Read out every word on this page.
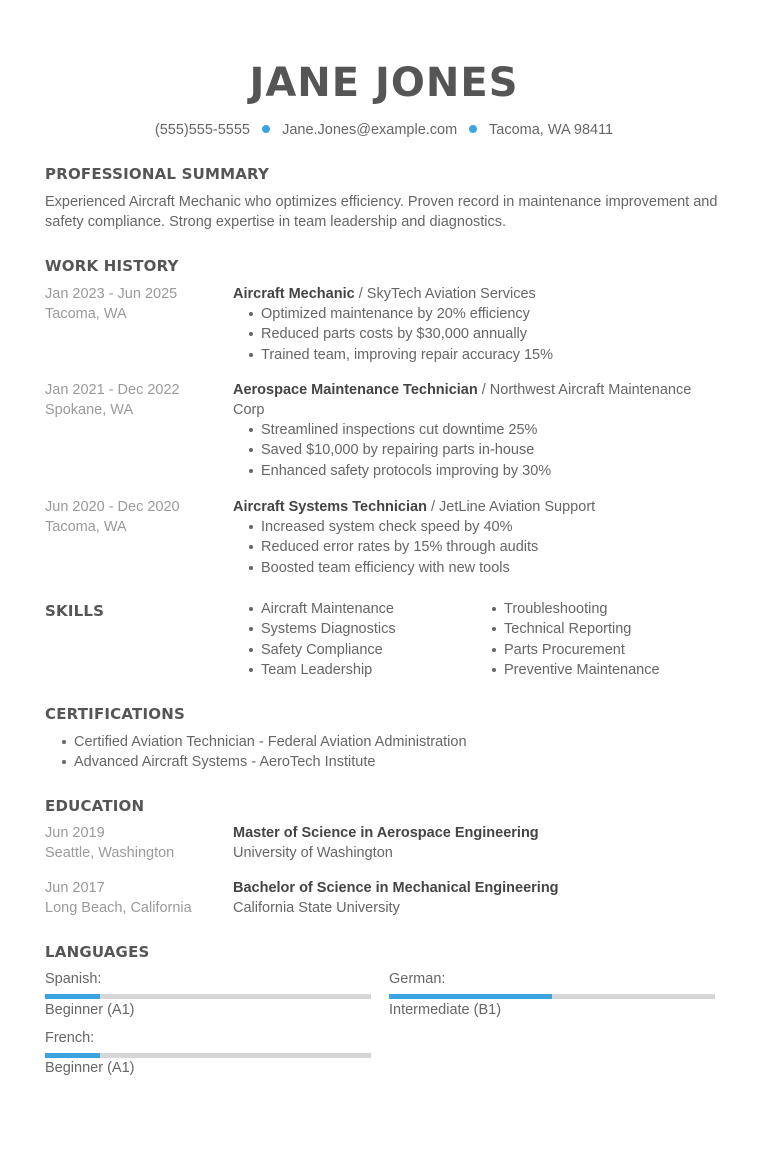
JANE JONES
(555)555-5555 Jane.Jones@example.com Tacoma, WA 98411
PROFESSIONAL SUMMARY
Experienced Aircraft Mechanic who optimizes efficiency. Proven record in maintenance improvement and safety compliance. Strong expertise in team leadership and diagnostics.
WORK HISTORY
Jan 2023 - Jun 2025
Tacoma, WA
Aircraft Mechanic / SkyTech Aviation Services
Optimized maintenance by 20% efficiency
Reduced parts costs by $30,000 annually
Trained team, improving repair accuracy 15%
Jan 2021 - Dec 2022
Spokane, WA
Aerospace Maintenance Technician / Northwest Aircraft Maintenance Corp
Streamlined inspections cut downtime 25%
Saved $10,000 by repairing parts in-house
Enhanced safety protocols improving by 30%
Jun 2020 - Dec 2020
Tacoma, WA
Aircraft Systems Technician / JetLine Aviation Support
Increased system check speed by 40%
Reduced error rates by 15% through audits
Boosted team efficiency with new tools
SKILLS	Aircraft Maintenance
Systems Diagnostics
Safety Compliance
Team Leadership
Troubleshooting
Technical Reporting
Parts Procurement
Preventive Maintenance
CERTIFICATIONS
Certified Aviation Technician - Federal Aviation Administration
Advanced Aircraft Systems - AeroTech Institute
EDUCATION
Jun 2019
Seattle, Washington
Master of Science in Aerospace Engineering
University of Washington
Jun 2017
Long Beach, California
Bachelor of Science in Mechanical Engineering
California State University
LANGUAGES
Spanish:
Beginner (A1)
German:
Intermediate (B1)
French:
Beginner (A1)
